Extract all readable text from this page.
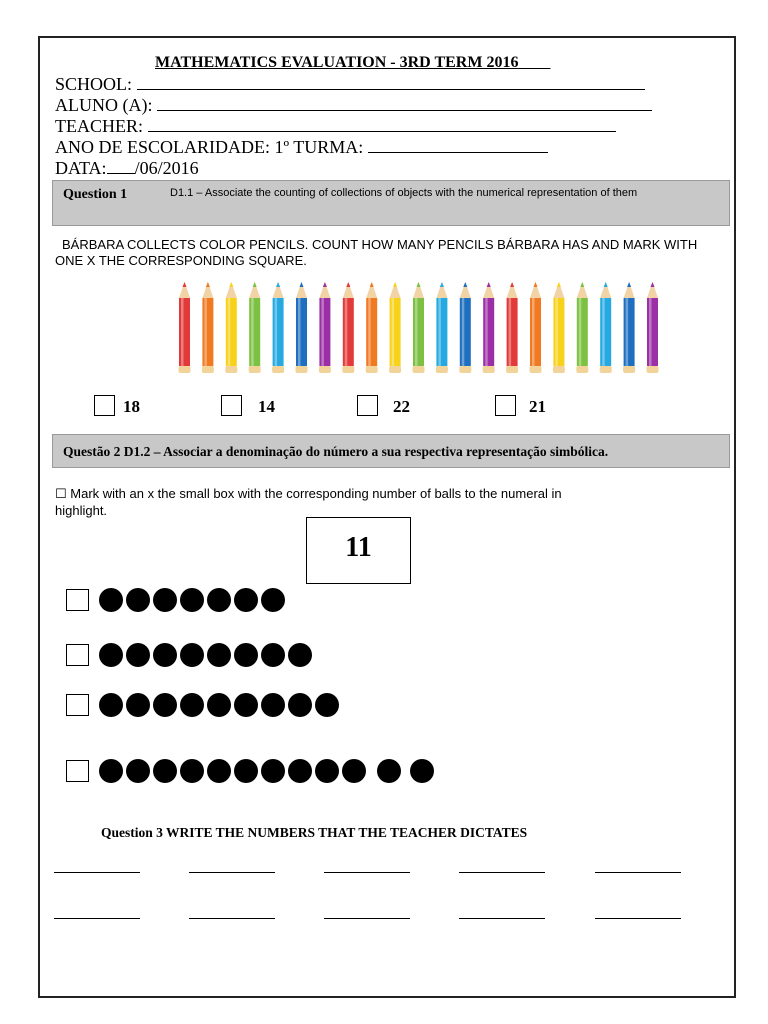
MATHEMATICS EVALUATION - 3RD TERM 2016
SCHOOL:
ALUNO (A):
TEACHER:
ANO DE ESCOLARIDADE: 1º TURMA:
DATA: /06/2016
Question 1	D1.1 – Associate the counting of collections of objects with the numerical representation of them
BÁRBARA COLLECTS COLOR PENCILS. COUNT HOW MANY PENCILS BÁRBARA HAS AND MARK WITH
ONE X THE CORRESPONDING SQUARE.
18	14	22	21
Questão 2 D1.2 – Associar a denominação do número a sua respectiva representação simbólica.
☐ Mark with an x the small box with the corresponding number of balls to the numeral in
highlight.
11
Question 3 WRITE THE NUMBERS THAT THE TEACHER DICTATES
